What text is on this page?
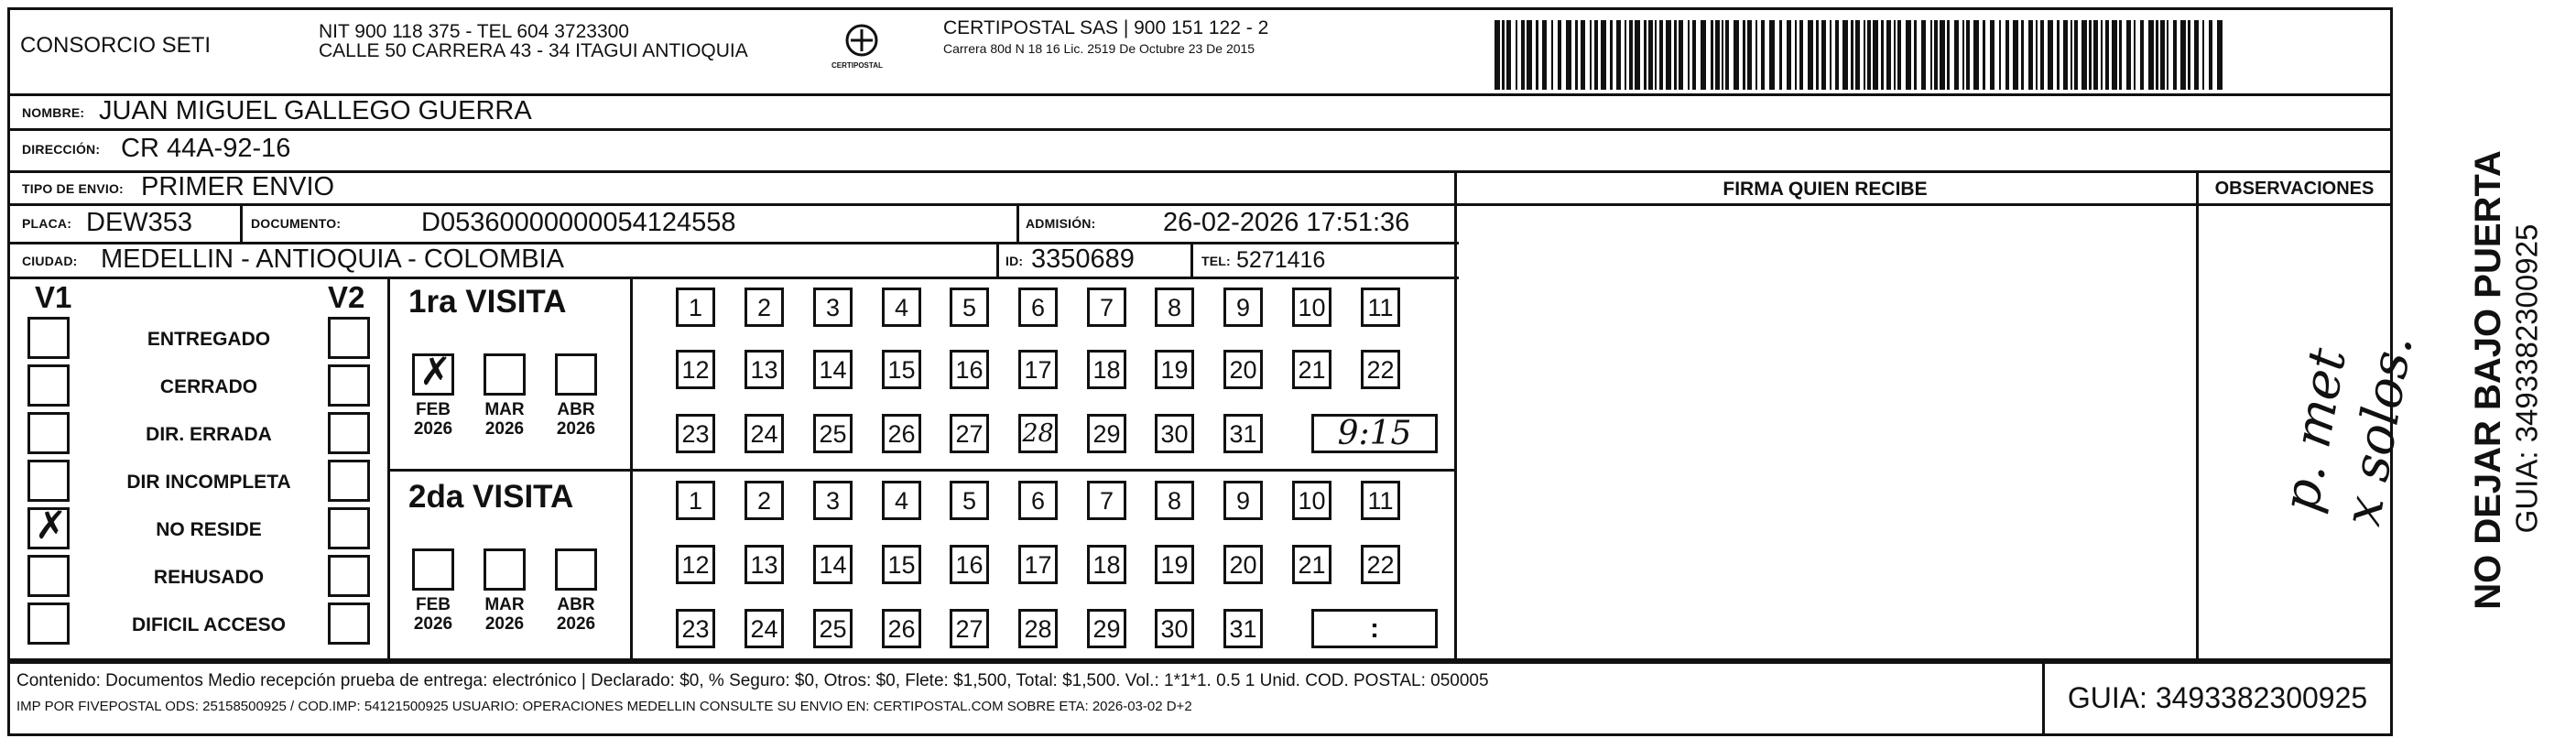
CONSORCIO SETI
NIT 900 118 375 - TEL 604 3723300
CALLE 50 CARRERA 43 - 34 ITAGUI ANTIOQUIA
CERTIPOSTAL
CERTIPOSTAL SAS | 900 151 122 - 2
Carrera 80d N 18 16 Lic. 2519 De Octubre 23 De 2015
NOMBRE: JUAN MIGUEL GALLEGO GUERRA
DIRECCIÓN: CR 44A-92-16
TIPO DE ENVIO: PRIMER ENVIO
PLACA: DEW353	DOCUMENTO:	D05360000000054124558	ADMISIÓN:	26-02-2026 17:51:36
CIUDAD: MEDELLIN - ANTIOQUIA - COLOMBIA	ID: 3350689	TEL: 5271416
FIRMA QUIEN RECIBE	OBSERVACIONES
p. met
x solos.
V1	V2
ENTREGADO
CERRADO
DIR. ERRADA
DIR INCOMPLETA
✗	NO RESIDE
REHUSADO
DIFICIL ACCESO
1ra VISITA
✗
FEB
2026
MAR
2026
ABR
2026
1	2	3	4	5	6	7	8	9	10 11
12 13 14 15 16 17 18 19 20 21 22
23 24 25 26 27 28 29 30 31	9:15
2da VISITA
FEB
2026
MAR
2026
ABR
2026
1	2	3	4	5	6	7	8	9	10 11
12 13 14 15 16 17 18 19 20 21 22
23 24 25 26 27 28 29 30 31	:
Contenido: Documentos Medio recepción prueba de entrega: electrónico | Declarado: $0, % Seguro: $0, Otros: $0, Flete: $1,500, Total: $1,500. Vol.: 1*1*1. 0.5 1 Unid. COD. POSTAL: 050005
IMP POR FIVEPOSTAL ODS: 25158500925 / COD.IMP: 54121500925 USUARIO: OPERACIONES MEDELLIN CONSULTE SU ENVIO EN: CERTIPOSTAL.COM SOBRE ETA: 2026-03-02 D+2	GUIA: 3493382300925
NO DEJAR BAJO PUERTA GUIA: 3493382300925
